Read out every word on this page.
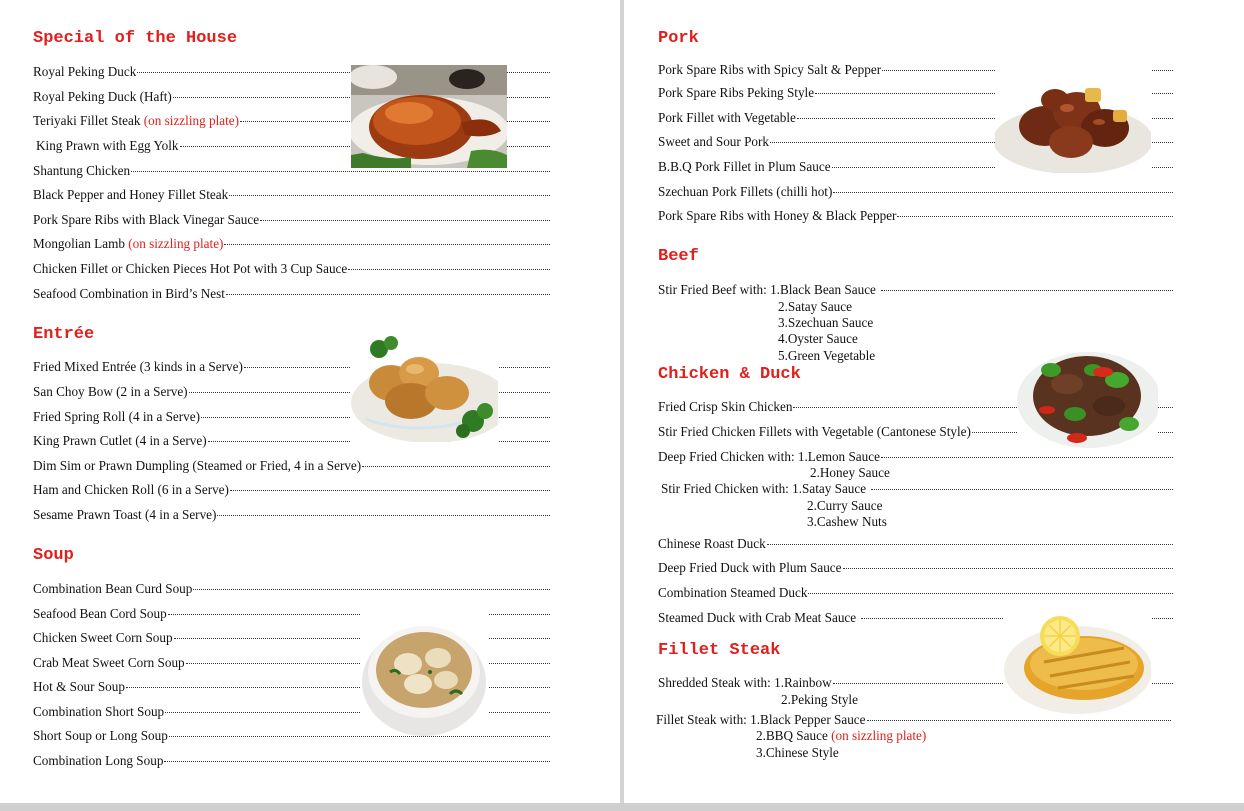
Special of the House
Royal Peking Duck
Royal Peking Duck (Haft)
Teriyaki Fillet Steak (on sizzling plate)
King Prawn with Egg Yolk
Shantung Chicken
Black Pepper and Honey Fillet Steak
Pork Spare Ribs with Black Vinegar Sauce
Mongolian Lamb (on sizzling plate)
Chicken Fillet or Chicken Pieces Hot Pot with 3 Cup Sauce
Seafood Combination in Bird’s Nest
Entrée
Fried Mixed Entrée (3 kinds in a Serve)
San Choy Bow (2 in a Serve)
Fried Spring Roll (4 in a Serve)
King Prawn Cutlet (4 in a Serve)
Dim Sim or Prawn Dumpling (Steamed or Fried, 4 in a Serve)
Ham and Chicken Roll (6 in a Serve)
Sesame Prawn Toast (4 in a Serve)
Soup
Combination Bean Curd Soup
Seafood Bean Cord Soup
Chicken Sweet Corn Soup
Crab Meat Sweet Corn Soup
Hot & Sour Soup
Combination Short Soup
Short Soup or Long Soup
Combination Long Soup
Pork
Pork Spare Ribs with Spicy Salt & Pepper
Pork Spare Ribs Peking Style
Pork Fillet with Vegetable
Sweet and Sour Pork
B.B.Q Pork Fillet in Plum Sauce
Szechuan Pork Fillets (chilli hot)
Pork Spare Ribs with Honey & Black Pepper
Beef
Stir Fried Beef with: 1.Black Bean Sauce
2.Satay Sauce
3.Szechuan Sauce
4.Oyster Sauce
5.Green Vegetable
Chicken & Duck
Fried Crisp Skin Chicken
Stir Fried Chicken Fillets with Vegetable (Cantonese Style)
Deep Fried Chicken with: 1.Lemon Sauce
2.Honey Sauce
Stir Fried Chicken with: 1.Satay Sauce
2.Curry Sauce
3.Cashew Nuts
Chinese Roast Duck
Deep Fried Duck with Plum Sauce
Combination Steamed Duck
Steamed Duck with Crab Meat Sauce
Fillet Steak
Shredded Steak with: 1.Rainbow
2.Peking Style
Fillet Steak with: 1.Black Pepper Sauce
2.BBQ Sauce (on sizzling plate)
3.Chinese Style
